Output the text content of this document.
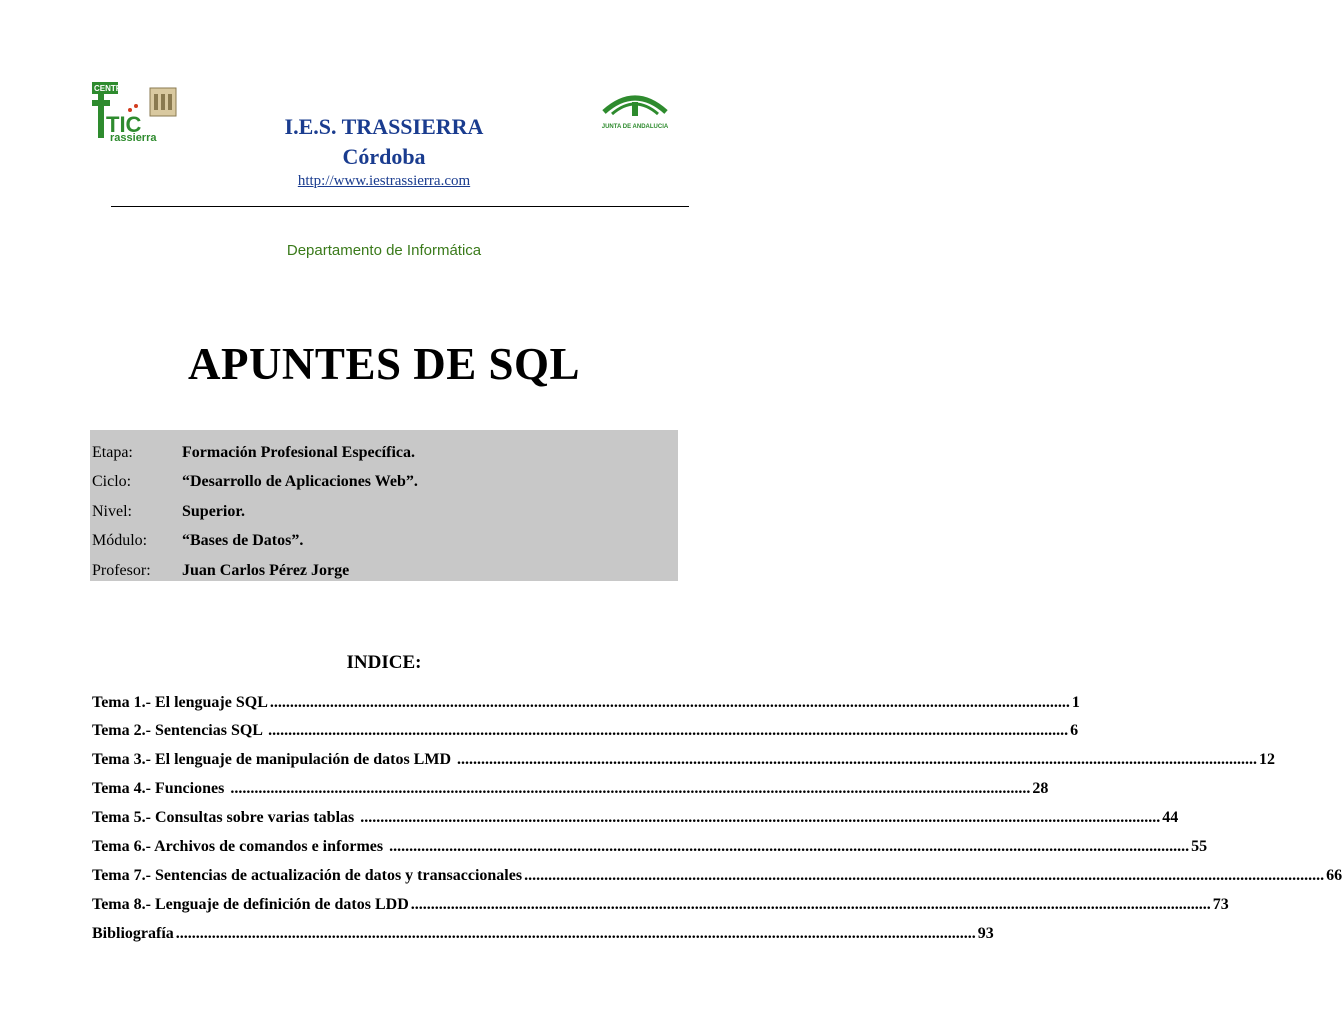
CENTRO
TIC
rassierra
JUNTA DE ANDALUCIA
I.E.S. TRASSIERRA
Córdoba
http://www.iestrassierra.com
Departamento de Informática
APUNTES DE SQL
Etapa:	Formación Profesional Específica.
Ciclo:	“Desarrollo de Aplicaciones Web”.
Nivel:	Superior.
Módulo: “Bases de Datos”.
Profesor: Juan Carlos Pérez Jorge
INDICE:
Tema 1.- El lenguaje SQL ........................................................................................................................................................................................................ 1
Tema 2.- Sentencias SQL ........................................................................................................................................................................................................ 6
Tema 3.- El lenguaje de manipulación de datos LMD ........................................................................................................................................................................................................ 12
Tema 4.- Funciones ........................................................................................................................................................................................................ 28
Tema 5.- Consultas sobre varias tablas ........................................................................................................................................................................................................ 44
Tema 6.- Archivos de comandos e informes ........................................................................................................................................................................................................ 55
Tema 7.- Sentencias de actualización de datos y transaccionales ........................................................................................................................................................................................................ 66
Tema 8.- Lenguaje de definición de datos LDD ........................................................................................................................................................................................................ 73
Bibliografía ........................................................................................................................................................................................................ 93
